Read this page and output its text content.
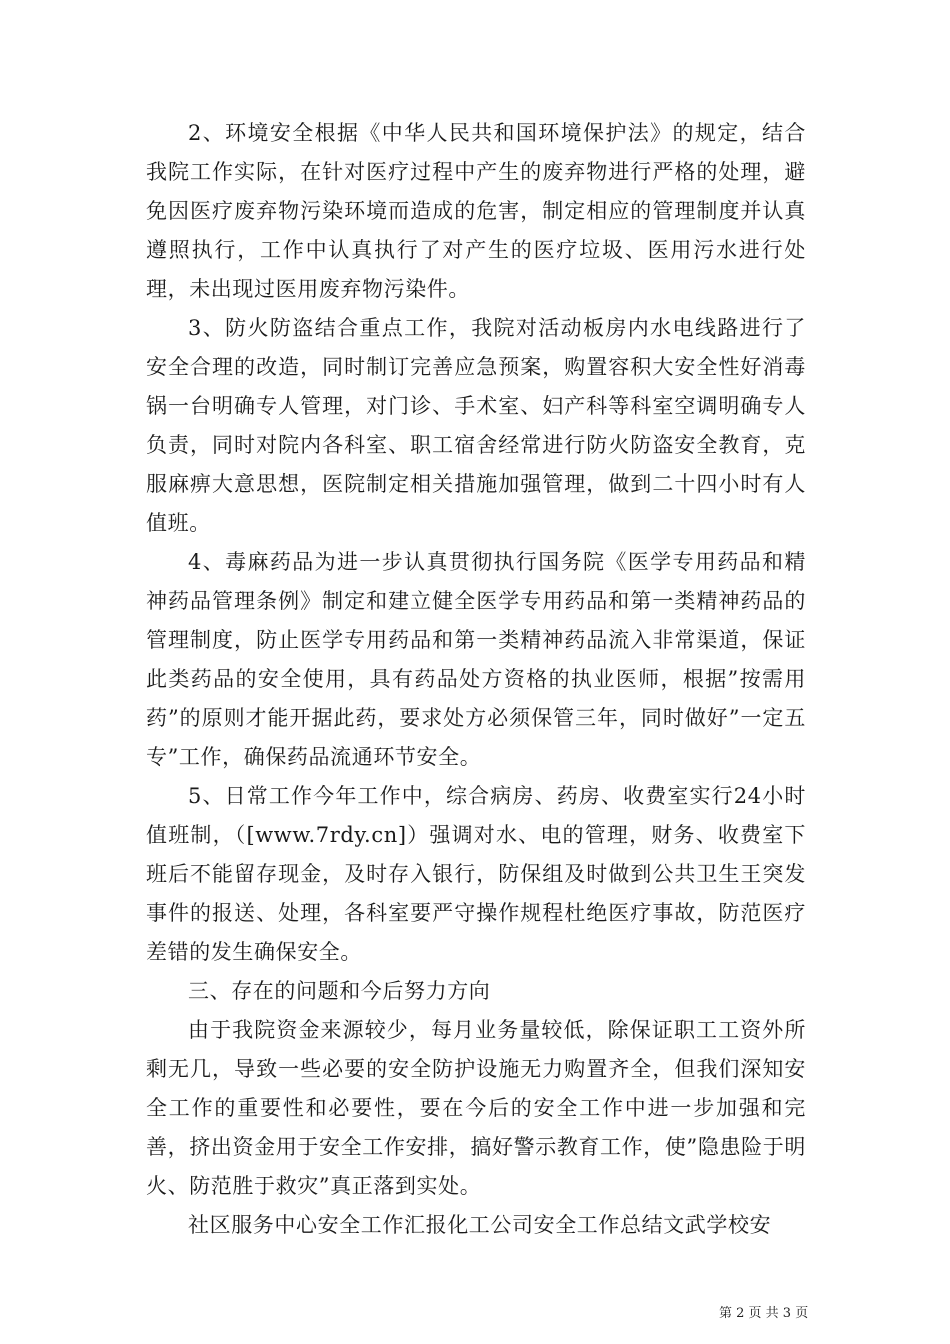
2、环境安全根据《中华人民共和国环境保护法》的规定，结合我院工作实际，在针对医疗过程中产生的废弃物进行严格的处理，避免因医疗废弃物污染环境而造成的危害，制定相应的管理制度并认真遵照执行，工作中认真执行了对产生的医疗垃圾、医用污水进行处理，未出现过医用废弃物污染件。

3、防火防盗结合重点工作，我院对活动板房内水电线路进行了安全合理的改造，同时制订完善应急预案，购置容积大安全性好消毒锅一台明确专人管理，对门诊、手术室、妇产科等科室空调明确专人负责，同时对院内各科室、职工宿舍经常进行防火防盗安全教育，克服麻痹大意思想，医院制定相关措施加强管理，做到二十四小时有人值班。

4、毒麻药品为进一步认真贯彻执行国务院《医学专用药品和精神药品管理条例》制定和建立健全医学专用药品和第一类精神药品的管理制度，防止医学专用药品和第一类精神药品流入非常渠道，保证此类药品的安全使用，具有药品处方资格的执业医师，根据”按需用药”的原则才能开据此药，要求处方必须保管三年，同时做好”一定五专”工作，确保药品流通环节安全。

5、日常工作今年工作中，综合病房、药房、收费室实行24小时值班制，（[www.7rdy.cn]）强调对水、电的管理，财务、收费室下班后不能留存现金，及时存入银行，防保组及时做到公共卫生王突发事件的报送、处理，各科室要严守操作规程杜绝医疗事故，防范医疗差错的发生确保安全。

三、存在的问题和今后努力方向

由于我院资金来源较少，每月业务量较低，除保证职工工资外所剩无几，导致一些必要的安全防护设施无力购置齐全，但我们深知安全工作的重要性和必要性，要在今后的安全工作中进一步加强和完善，挤出资金用于安全工作安排，搞好警示教育工作，使”隐患险于明火、防范胜于救灾”真正落到实处。

社区服务中心安全工作汇报化工公司安全工作总结文武学校安

第 2 页 共 3 页
